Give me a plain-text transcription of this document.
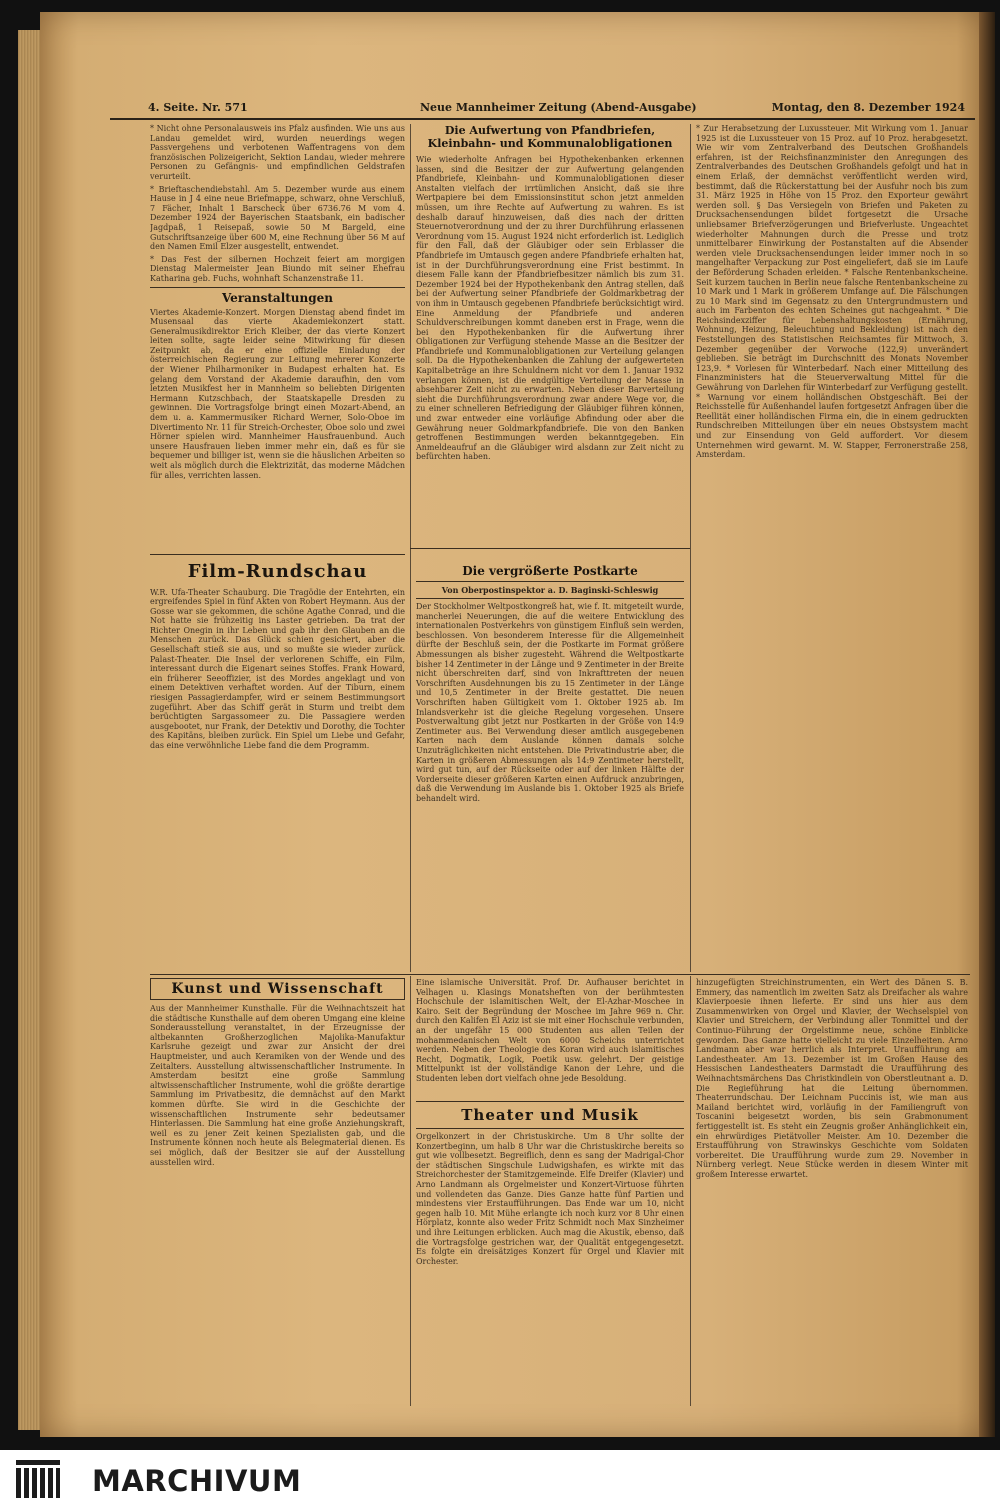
4. Seite. Nr. 571	Neue Mannheimer Zeitung (Abend-Ausgabe)	Montag, den 8. Dezember 1924
* Nicht ohne Personalausweis ins Pfalz ausfinden. Wie uns aus Landau gemeldet wird, wurden neuerdings wegen Passvergehens und verbotenen Waffentragens von dem französischen Polizeigericht, Sektion Landau, wieder mehrere Personen zu Gefängnis- und empfindlichen Geldstrafen verurteilt.
* Brieftaschendiebstahl. Am 5. Dezember wurde aus einem Hause in J 4 eine neue Briefmappe, schwarz, ohne Verschluß, 7 Fächer, Inhalt 1 Barscheck über 6736.76 M vom 4. Dezember 1924 der Bayerischen Staatsbank, ein badischer Jagdpaß, 1 Reisepaß, sowie 50 M Bargeld, eine Gutschriftsanzeige über 600 M, eine Rechnung über 56 M auf den Namen Emil Elzer ausgestellt, entwendet.
* Das Fest der silbernen Hochzeit feiert am morgigen Dienstag Malermeister Jean Biundo mit seiner Ehefrau Katharina geb. Fuchs, wohnhaft Schanzenstraße 11.
Veranstaltungen
Viertes Akademie-Konzert. Morgen Dienstag abend findet im Musensaal das vierte Akademiekonzert statt. Generalmusikdirektor Erich Kleiber, der das vierte Konzert leiten sollte, sagte leider seine Mitwirkung für diesen Zeitpunkt ab, da er eine offizielle Einladung der österreichischen Regierung zur Leitung mehrerer Konzerte der Wiener Philharmoniker in Budapest erhalten hat. Es gelang dem Vorstand der Akademie daraufhin, den vom letzten Musikfest her in Mannheim so beliebten Dirigenten Hermann Kutzschbach, der Staatskapelle Dresden zu gewinnen. Die Vortragsfolge bringt einen Mozart-Abend, an dem u. a. Kammermusiker Richard Werner, Solo-Oboe im Divertimento Nr. 11 für Streich-Orchester, Oboe solo und zwei Hörner spielen wird. Mannheimer Hausfrauenbund. Auch unsere Hausfrauen lieben immer mehr ein, daß es für sie bequemer und billiger ist, wenn sie die häuslichen Arbeiten so weit als möglich durch die Elektrizität, das moderne Mädchen für alles, verrichten lassen.
Film-Rundschau
W.R. Ufa-Theater Schauburg. Die Tragödie der Entehrten, ein ergreifendes Spiel in fünf Akten von Robert Heymann. Aus der Gosse war sie gekommen, die schöne Agathe Conrad, und die Not hatte sie frühzeitig ins Laster getrieben. Da trat der Richter Onegin in ihr Leben und gab ihr den Glauben an die Menschen zurück. Das Glück schien gesichert, aber die Gesellschaft stieß sie aus, und so mußte sie wieder zurück. Palast-Theater. Die Insel der verlorenen Schiffe, ein Film, interessant durch die Eigenart seines Stoffes. Frank Howard, ein früherer Seeoffizier, ist des Mordes angeklagt und von einem Detektiven verhaftet worden. Auf der Tiburn, einem riesigen Passagierdampfer, wird er seinem Bestimmungsort zugeführt. Aber das Schiff gerät in Sturm und treibt dem berüchtigten Sargassomeer zu. Die Passagiere werden ausgebootet, nur Frank, der Detektiv und Dorothy, die Tochter des Kapitäns, bleiben zurück. Ein Spiel um Liebe und Gefahr, das eine verwöhnliche Liebe fand die dem Programm.
Die Aufwertung von Pfandbriefen, Kleinbahn- und Kommunalobligationen
Wie wiederholte Anfragen bei Hypothekenbanken erkennen lassen, sind die Besitzer der zur Aufwertung gelangenden Pfandbriefe, Kleinbahn- und Kommunalobligationen dieser Anstalten vielfach der irrtümlichen Ansicht, daß sie ihre Wertpapiere bei dem Emissionsinstitut schon jetzt anmelden müssen, um ihre Rechte auf Aufwertung zu wahren. Es ist deshalb darauf hinzuweisen, daß dies nach der dritten Steuernotverordnung und der zu ihrer Durchführung erlassenen Verordnung vom 15. August 1924 nicht erforderlich ist. Lediglich für den Fall, daß der Gläubiger oder sein Erblasser die Pfandbriefe im Umtausch gegen andere Pfandbriefe erhalten hat, ist in der Durchführungsverordnung eine Frist bestimmt. In diesem Falle kann der Pfandbriefbesitzer nämlich bis zum 31. Dezember 1924 bei der Hypothekenbank den Antrag stellen, daß bei der Aufwertung seiner Pfandbriefe der Goldmarkbetrag der von ihm in Umtausch gegebenen Pfandbriefe berücksichtigt wird. Eine Anmeldung der Pfandbriefe und anderen Schuldverschreibungen kommt daneben erst in Frage, wenn die bei den Hypothekenbanken für die Aufwertung ihrer Obligationen zur Verfügung stehende Masse an die Besitzer der Pfandbriefe und Kommunalobligationen zur Verteilung gelangen soll. Da die Hypothekenbanken die Zahlung der aufgewerteten Kapitalbeträge an ihre Schuldnern nicht vor dem 1. Januar 1932 verlangen können, ist die endgültige Verteilung der Masse in absehbarer Zeit nicht zu erwarten. Neben dieser Barverteilung sieht die Durchführungsverordnung zwar andere Wege vor, die zu einer schnelleren Befriedigung der Gläubiger führen können, und zwar entweder eine vorläufige Abfindung oder aber die Gewährung neuer Goldmarkpfandbriefe. Die von den Banken getroffenen Bestimmungen werden bekanntgegeben. Ein Anmeldeaufruf an die Gläubiger wird alsdann zur Zeit nicht zu befürchten haben.
Die vergrößerte Postkarte
Von Oberpostinspektor a. D. Baginski-Schleswig
Der Stockholmer Weltpostkongreß hat, wie f. It. mitgeteilt wurde, mancherlei Neuerungen, die auf die weitere Entwicklung des internationalen Postverkehrs von günstigem Einfluß sein werden, beschlossen. Von besonderem Interesse für die Allgemeinheit dürfte der Beschluß sein, der die Postkarte im Format größere Abmessungen als bisher zugesteht. Während die Weltpostkarte bisher 14 Zentimeter in der Länge und 9 Zentimeter in der Breite nicht überschreiten darf, sind von Inkrafttreten der neuen Vorschriften Ausdehnungen bis zu 15 Zentimeter in der Länge und 10,5 Zentimeter in der Breite gestattet. Die neuen Vorschriften haben Gültigkeit vom 1. Oktober 1925 ab. Im Inlandsverkehr ist die gleiche Regelung vorgesehen. Unsere Postverwaltung gibt jetzt nur Postkarten in der Größe von 14:9 Zentimeter aus. Bei Verwendung dieser amtlich ausgegebenen Karten nach dem Auslande können damals solche Unzuträglichkeiten nicht entstehen. Die Privatindustrie aber, die Karten in größeren Abmessungen als 14:9 Zentimeter herstellt, wird gut tun, auf der Rückseite oder auf der linken Hälfte der Vorderseite dieser größeren Karten einen Aufdruck anzubringen, daß die Verwendung im Auslande bis 1. Oktober 1925 als Briefe behandelt wird.
* Zur Herabsetzung der Luxussteuer. Mit Wirkung vom 1. Januar 1925 ist die Luxussteuer von 15 Proz. auf 10 Proz. herabgesetzt. Wie wir vom Zentralverband des Deutschen Großhandels erfahren, ist der Reichsfinanzminister den Anregungen des Zentralverbandes des Deutschen Großhandels gefolgt und hat in einem Erlaß, der demnächst veröffentlicht werden wird, bestimmt, daß die Rückerstattung bei der Ausfuhr noch bis zum 31. März 1925 in Höhe von 15 Proz. den Exporteur gewährt werden soll. § Das Versiegeln von Briefen und Paketen zu Drucksachensendungen bildet fortgesetzt die Ursache unliebsamer Briefverzögerungen und Briefverluste. Ungeachtet wiederholter Mahnungen durch die Presse und trotz unmittelbarer Einwirkung der Postanstalten auf die Absender werden viele Drucksachensendungen leider immer noch in so mangelhafter Verpackung zur Post eingeliefert, daß sie im Laufe der Beförderung Schaden erleiden. * Falsche Rentenbankscheine. Seit kurzem tauchen in Berlin neue falsche Rentenbankscheine zu 10 Mark und 1 Mark in größerem Umfange auf. Die Fälschungen zu 10 Mark sind im Gegensatz zu den Untergrundmustern und auch im Farbenton des echten Scheines gut nachgeahmt. * Die Reichsindexziffer für Lebenshaltungskosten (Ernährung, Wohnung, Heizung, Beleuchtung und Bekleidung) ist nach den Feststellungen des Statistischen Reichsamtes für Mittwoch, 3. Dezember gegenüber der Vorwoche (122,9) unverändert geblieben. Sie beträgt im Durchschnitt des Monats November 123,9. * Vorlesen für Winterbedarf. Nach einer Mitteilung des Finanzministers hat die Steuerverwaltung Mittel für die Gewährung von Darlehen für Winterbedarf zur Verfügung gestellt. * Warnung vor einem holländischen Obstgeschäft. Bei der Reichsstelle für Außenhandel laufen fortgesetzt Anfragen über die Reellität einer holländischen Firma ein, die in einem gedruckten Rundschreiben Mitteilungen über ein neues Obstsystem macht und zur Einsendung von Geld auffordert. Vor diesem Unternehmen wird gewarnt. M. W. Stapper, Ferronerstraße 258, Amsterdam.
Kunst und Wissenschaft
Aus der Mannheimer Kunsthalle. Für die Weihnachtszeit hat die städtische Kunsthalle auf dem oberen Umgang eine kleine Sonderausstellung veranstaltet, in der Erzeugnisse der altbekannten Großherzoglichen Majolika-Manufaktur Karlsruhe gezeigt und zwar zur Ansicht der drei Hauptmeister, und auch Keramiken von der Wende und des Zeitalters. Ausstellung altwissenschaftlicher Instrumente. In Amsterdam besitzt eine große Sammlung altwissenschaftlicher Instrumente, wohl die größte derartige Sammlung im Privatbesitz, die demnächst auf den Markt kommen dürfte. Sie wird in die Geschichte der wissenschaftlichen Instrumente sehr bedeutsamer Hinterlassen. Die Sammlung hat eine große Anziehungskraft, weil es zu jener Zeit keinen Spezialisten gab, und die Instrumente können noch heute als Belegmaterial dienen. Es sei möglich, daß der Besitzer sie auf der Ausstellung ausstellen wird.
Eine islamische Universität. Prof. Dr. Aufhauser berichtet in Velhagen u. Klasings Monatsheften von der berühmtesten Hochschule der islamitischen Welt, der El-Azhar-Moschee in Kairo. Seit der Begründung der Moschee im Jahre 969 n. Chr. durch den Kalifen El Aziz ist sie mit einer Hochschule verbunden, an der ungefähr 15 000 Studenten aus allen Teilen der mohammedanischen Welt von 6000 Scheichs unterrichtet werden. Neben der Theologie des Koran wird auch islamitisches Recht, Dogmatik, Logik, Poetik usw. gelehrt. Der geistige Mittelpunkt ist der vollständige Kanon der Lehre, und die Studenten leben dort vielfach ohne jede Besoldung.
Theater und Musik
Orgelkonzert in der Christuskirche. Um 8 Uhr sollte der Konzertbeginn, um halb 8 Uhr war die Christuskirche bereits so gut wie vollbesetzt. Begreiflich, denn es sang der Madrigal-Chor der städtischen Singschule Ludwigshafen, es wirkte mit das Streichorchester der Stamitzgemeinde. Elfe Dreifer (Klavier) und Arno Landmann als Orgelmeister und Konzert-Virtuose führten und vollendeten das Ganze. Dies Ganze hatte fünf Partien und mindestens vier Erstaufführungen. Das Ende war um 10, nicht gegen halb 10. Mit Mühe erlangte ich noch kurz vor 8 Uhr einen Hörplatz, konnte also weder Fritz Schmidt noch Max Sinzheimer und ihre Leitungen erblicken. Auch mag die Akustik, ebenso, daß die Vortragsfolge gestrichen war, der Qualität entgegengesetzt. Es folgte ein dreisätziges Konzert für Orgel und Klavier mit Orchester.
hinzugefügten Streichinstrumenten, ein Wert des Dänen S. B. Emmery, das namentlich im zweiten Satz als Dreifacher als wahre Klavierpoesie ihnen lieferte. Er sind uns hier aus dem Zusammenwirken von Orgel und Klavier, der Wechselspiel von Klavier und Streichern, der Verbindung aller Tonmittel und der Continuo-Führung der Orgelstimme neue, schöne Einblicke geworden. Das Ganze hatte vielleicht zu viele Einzelheiten. Arno Landmann aber war herrlich als Interpret. Uraufführung am Landestheater. Am 13. Dezember ist im Großen Hause des Hessischen Landestheaters Darmstadt die Uraufführung des Weihnachtsmärchens Das Christkindlein von Oberstleutnant a. D. Die Regieführung hat die Leitung übernommen. Theaterrundschau. Der Leichnam Puccinis ist, wie man aus Mailand berichtet wird, vorläufig in der Familiengruft von Toscanini beigesetzt worden, bis sein Grabmonument fertiggestellt ist. Es steht ein Zeugnis großer Anhänglichkeit ein, ein ehrwürdiges Pietätvoller Meister. Am 10. Dezember die Erstaufführung von Strawinskys Geschichte vom Soldaten vorbereitet. Die Uraufführung wurde zum 29. November in Nürnberg verlegt. Neue Stücke werden in diesem Winter mit großem Interesse erwartet.
MARCHIVUM
